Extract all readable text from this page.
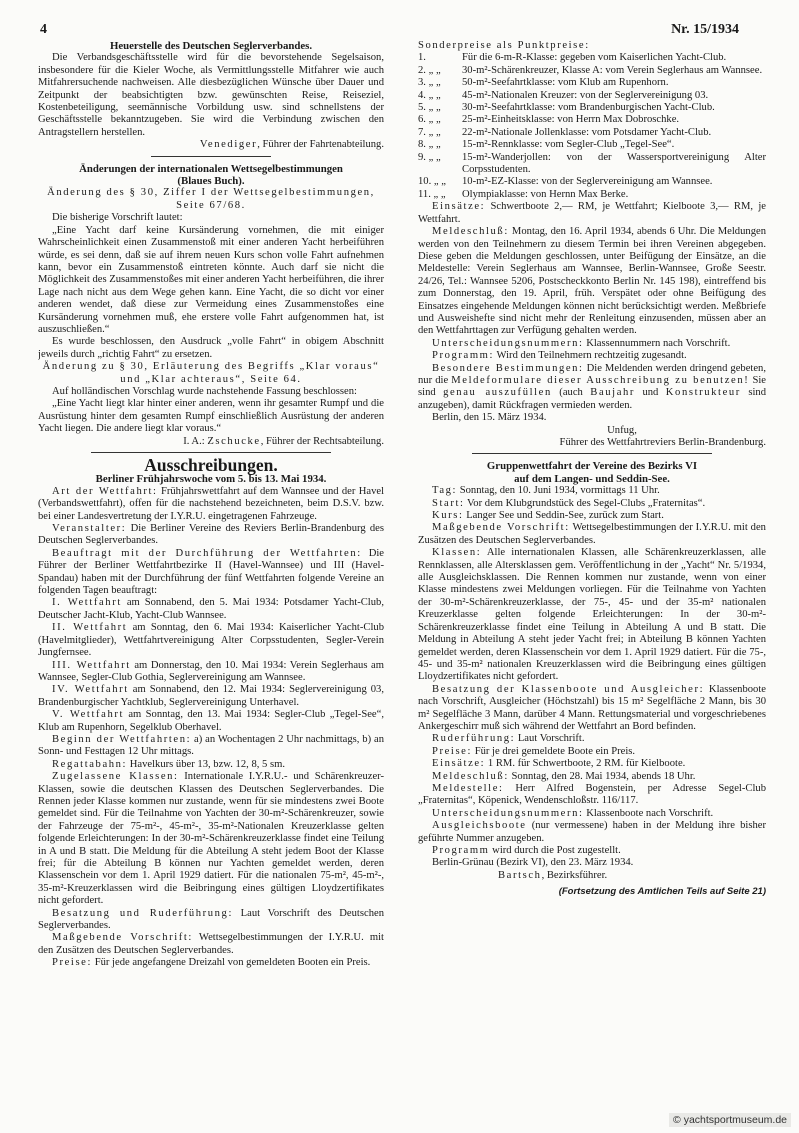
4	Nr. 15/1934

Heuerstelle des Deutschen Seglerverbandes.

Die Verbandsgeschäftsstelle wird für die bevorstehende Segelsaison, insbesondere für die Kieler Woche, als Vermittlungsstelle Mitfahrer wie auch Mitfahrersuchende nachweisen. Alle diesbezüglichen Wünsche über Dauer und Zeitpunkt der beabsichtigten bzw. gewünschten Reise, Reiseziel, Kostenbeteiligung, seemännische Vorbildung usw. sind schnellstens der Geschäftsstelle bekanntzugeben. Sie wird die Verbindung zwischen den Antragstellern herstellen.

Venediger, Führer der Fahrtenabteilung.

Änderungen der internationalen Wettsegelbestimmungen

(Blaues Buch).

Änderung des § 30, Ziffer I der Wettsegelbestimmungen, Seite 67/68.

Die bisherige Vorschrift lautet:

„Eine Yacht darf keine Kursänderung vornehmen, die mit einiger Wahrscheinlichkeit einen Zusammenstoß mit einer anderen Yacht herbeiführen würde, es sei denn, daß sie auf ihrem neuen Kurs schon volle Fahrt aufnehmen kann, bevor ein Zusammenstoß eintreten könnte. Auch darf sie nicht die Möglichkeit des Zusammenstoßes mit einer anderen Yacht herbeiführen, die ihrer Lage nach nicht aus dem Wege gehen kann. Eine Yacht, die so dicht vor einer anderen wendet, daß diese zur Vermeidung eines Zusammenstoßes eine Kursänderung vornehmen muß, ehe erstere volle Fahrt aufgenommen hat, ist auszuschließen.“

Es wurde beschlossen, den Ausdruck „volle Fahrt“ in obigem Abschnitt jeweils durch „richtig Fahrt“ zu ersetzen.

Änderung zu § 30, Erläuterung des Begriffs „Klar voraus“ und „Klar achteraus“, Seite 64.

Auf holländischen Vorschlag wurde nachstehende Fassung beschlossen:

„Eine Yacht liegt klar hinter einer anderen, wenn ihr gesamter Rumpf und die Ausrüstung hinter dem gesamten Rumpf einschließlich Ausrüstung der anderen Yacht liegen. Die andere liegt klar voraus.“

I. A.: Zschucke, Führer der Rechtsabteilung.

Ausschreibungen.

Berliner Frühjahrswoche vom 5. bis 13. Mai 1934.

Art der Wettfahrt: Frühjahrswettfahrt auf dem Wannsee und der Havel (Verbandswettfahrt), offen für die nachstehend bezeichneten, beim D.S.V. bzw. bei einer Landesvertretung der I.Y.R.U. eingetragenen Fahrzeuge.

Veranstalter: Die Berliner Vereine des Reviers Berlin-Brandenburg des Deutschen Seglerverbandes.

Beauftragt mit der Durchführung der Wettfahrten: Die Führer der Berliner Wettfahrtbezirke II (Havel-Wannsee) und III (Havel-Spandau) haben mit der Durchführung der fünf Wettfahrten folgende Vereine an folgenden Tagen beauftragt:

I. Wettfahrt am Sonnabend, den 5. Mai 1934: Potsdamer Yacht-Club, Deutscher Jacht-Klub, Yacht-Club Wannsee.

II. Wettfahrt am Sonntag, den 6. Mai 1934: Kaiserlicher Yacht-Club (Havelmitglieder), Wettfahrtvereinigung Alter Corpsstudenten, Segler-Verein Jungfernsee.

III. Wettfahrt am Donnerstag, den 10. Mai 1934: Verein Seglerhaus am Wannsee, Segler-Club Gothia, Seglervereinigung am Wannsee.

IV. Wettfahrt am Sonnabend, den 12. Mai 1934: Seglervereinigung 03, Brandenburgischer Yachtklub, Seglervereinigung Unterhavel.

V. Wettfahrt am Sonntag, den 13. Mai 1934: Segler-Club „Tegel-See“, Klub am Rupenhorn, Segelklub Oberhavel.

Beginn der Wettfahrten: a) an Wochentagen 2 Uhr nachmittags, b) an Sonn- und Festtagen 12 Uhr mittags.

Regattabahn: Havelkurs über 13, bzw. 12, 8, 5 sm.

Zugelassene Klassen: Internationale I.Y.R.U.- und Schärenkreuzer-Klassen, sowie die deutschen Klassen des Deutschen Seglerverbandes. Die Rennen jeder Klasse kommen nur zustande, wenn für sie mindestens zwei Boote gemeldet sind. Für die Teilnahme von Yachten der 30-m²-Schärenkreuzer, sowie der Fahrzeuge der 75-m²-, 45-m²-, 35-m²-Nationalen Kreuzerklasse gelten folgende Erleichterungen: In der 30-m²-Schärenkreuzerklasse findet eine Teilung in A und B statt. Die Meldung für die Abteilung A steht jedem Boot der Klasse frei; für die Abteilung B können nur Yachten gemeldet werden, deren Klassenschein vor dem 1. April 1929 datiert. Für die nationalen 75-m², 45-m²-, 35-m²-Kreuzerklassen wird die Beibringung eines gültigen Lloydzertifikates nicht gefordert.

Besatzung und Ruderführung: Laut Vorschrift des Deutschen Seglerverbandes.

Maßgebende Vorschrift: Wettsegelbestimmungen der I.Y.R.U. mit den Zusätzen des Deutschen Seglerverbandes.

Preise: Für jede angefangene Dreizahl von gemeldeten Booten ein Preis.

Sonderpreise als Punktpreise:

1.	Für die 6-m-R-Klasse: gegeben vom Kaiserlichen Yacht-Club.
2. „ „	30-m²-Schärenkreuzer, Klasse A: vom Verein Seglerhaus am Wannsee.
3. „ „	50-m²-Seefahrtklasse: vom Klub am Rupenhorn.
4. „ „	45-m²-Nationalen Kreuzer: von der Seglervereinigung 03.
5. „ „	30-m²-Seefahrtklasse: vom Brandenburgischen Yacht-Club.
6. „ „	25-m²-Einheitsklasse: von Herrn Max Dobroschke.
7. „ „	22-m²-Nationale Jollenklasse: vom Potsdamer Yacht-Club.
8. „ „	15-m²-Rennklasse: vom Segler-Club „Tegel-See“.
9. „ „	15-m²-Wanderjollen: von der Wassersportvereinigung Alter Corpsstudenten.
10. „ „	10-m²-EZ-Klasse: von der Seglervereinigung am Wannsee.
11. „ „	Olympiaklasse: von Hernn Max Berke.

Einsätze: Schwertboote 2,— RM, je Wettfahrt; Kielboote 3,— RM, je Wettfahrt.

Meldeschluß: Montag, den 16. April 1934, abends 6 Uhr. Die Meldungen werden von den Teilnehmern zu diesem Termin bei ihren Vereinen abgegeben. Diese geben die Meldungen geschlossen, unter Beifügung der Einsätze, an die Meldestelle: Verein Seglerhaus am Wannsee, Berlin-Wannsee, Große Seestr. 24/26, Tel.: Wannsee 5206, Postscheckkonto Berlin Nr. 145 198), eintreffend bis zum Donnerstag, den 19. April, früh. Verspätet oder ohne Beifügung des Einsatzes eingehende Meldungen können nicht berücksichtigt werden. Meßbriefe und Ausweishefte sind nicht mehr der Renleitung einzusenden, müssen aber an den Wettfahrttagen zur Verfügung gehalten werden.

Unterscheidungsnummern: Klassennummern nach Vorschrift.

Programm: Wird den Teilnehmern rechtzeitig zugesandt.

Besondere Bestimmungen: Die Meldenden werden dringend gebeten, nur die Meldeformulare dieser Ausschreibung zu benutzen! Sie sind genau auszufüllen (auch Baujahr und Konstrukteur sind anzugeben), damit Rückfragen vermieden werden.

Berlin, den 15. März 1934.

Unfug,

Führer des Wettfahrtreviers Berlin-Brandenburg.

Gruppenwettfahrt der Vereine des Bezirks VI

auf dem Langen- und Seddin-See.

Tag: Sonntag, den 10. Juni 1934, vormittags 11 Uhr.

Start: Vor dem Klubgrundstück des Segel-Clubs „Fraternitas“.

Kurs: Langer See und Seddin-See, zurück zum Start.

Maßgebende Vorschrift: Wettsegelbestimmungen der I.Y.R.U. mit den Zusätzen des Deutschen Seglerverbandes.

Klassen: Alle internationalen Klassen, alle Schärenkreuzerklassen, alle Rennklassen, alle Altersklassen gem. Veröffentlichung in der „Yacht“ Nr. 5/1934, alle Ausgleichsklassen. Die Rennen kommen nur zustande, wenn von einer Klasse mindestens zwei Meldungen vorliegen. Für die Teilnahme von Yachten der 30-m²-Schärenkreuzerklasse, der 75-, 45- und der 35-m² nationalen Kreuzerklasse gelten folgende Erleichterungen: In der 30-m²-Schärenkreuzerklasse findet eine Teilung in Abteilung A und B statt. Die Meldung in Abteilung A steht jeder Yacht frei; in Abteilung B können Yachten gemeldet werden, deren Klassenschein vor dem 1. April 1929 datiert. Für die 75-, 45- und 35-m² nationalen Kreuzerklassen wird die Beibringung eines gültigen Lloydzertifikates nicht gefordert.

Besatzung der Klassenboote und Ausgleicher: Klassenboote nach Vorschrift, Ausgleicher (Höchstzahl) bis 15 m² Segelfläche 2 Mann, bis 30 m² Segelfläche 3 Mann, darüber 4 Mann. Rettungsmaterial und vorgeschriebenes Ankergeschirr muß sich während der Wettfahrt an Bord befinden.

Ruderführung: Laut Vorschrift.

Preise: Für je drei gemeldete Boote ein Preis.

Einsätze: 1 RM. für Schwertboote, 2 RM. für Kielboote.

Meldeschluß: Sonntag, den 28. Mai 1934, abends 18 Uhr.

Meldestelle: Herr Alfred Bogenstein, per Adresse Segel-Club „Fraternitas“, Köpenick, Wendenschloßstr. 116/117.

Unterscheidungsnummern: Klassenboote nach Vorschrift.

Ausgleichsboote (nur vermessene) haben in der Meldung ihre bisher geführte Nummer anzugeben.

Programm wird durch die Post zugestellt.

Berlin-Grünau (Bezirk VI), den 23. März 1934.

Bartsch, Bezirksführer.

(Fortsetzung des Amtlichen Teils auf Seite 21)

© yachtsportmuseum.de
